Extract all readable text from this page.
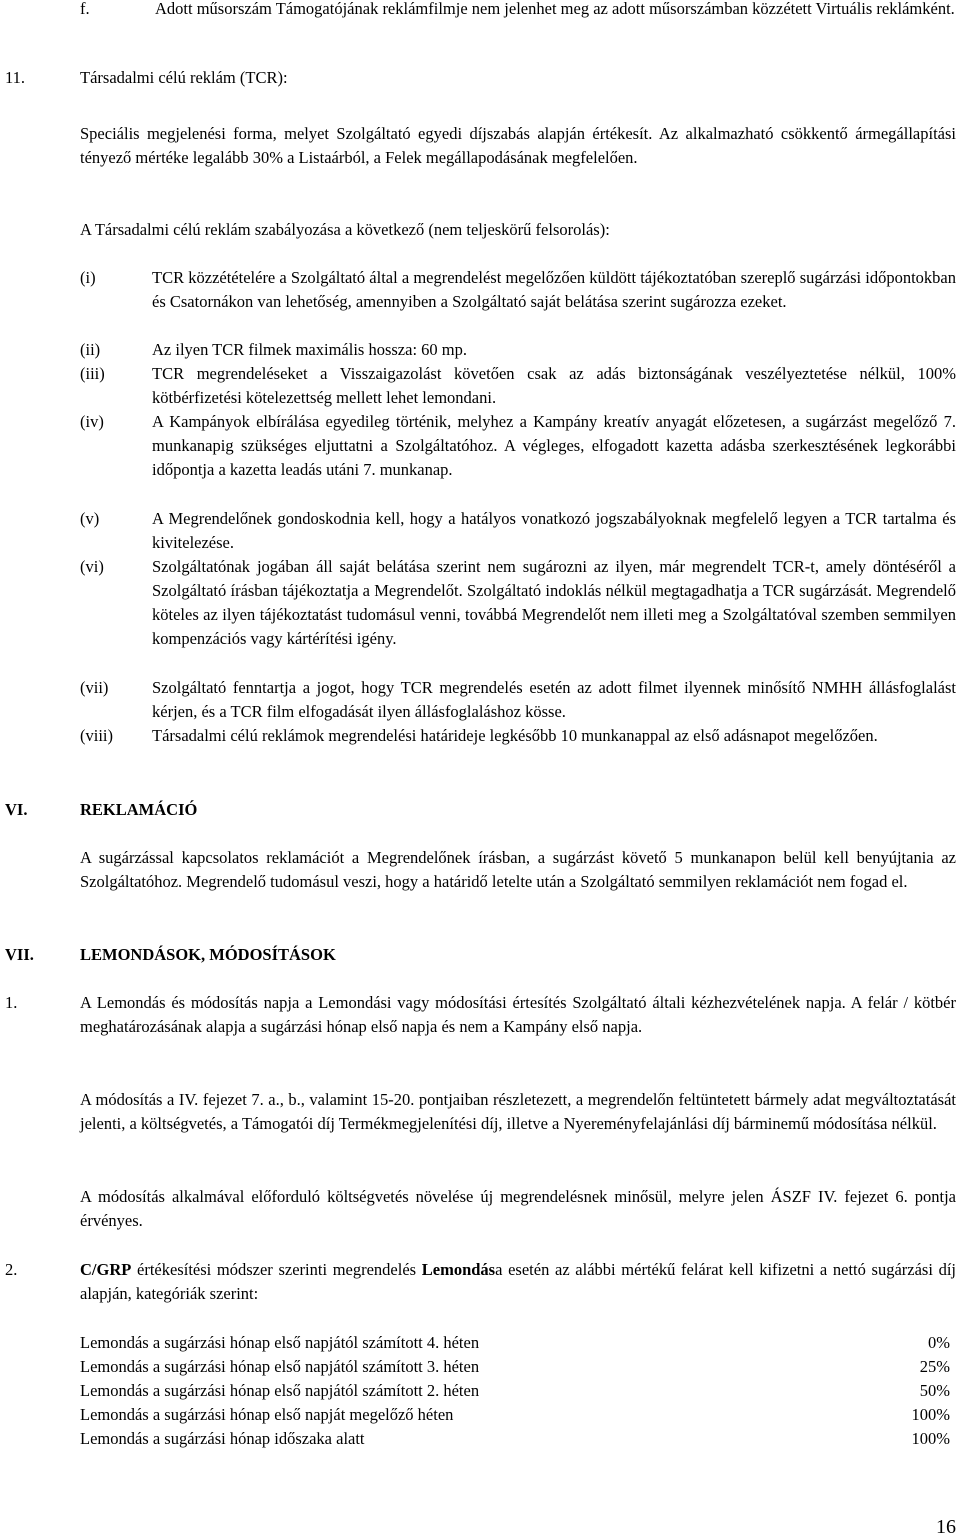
f.	Adott műsorszám Támogatójának reklámfilmje nem jelenhet meg az adott műsorszámban közzétett Virtuális reklámként.

11.	Társadalmi célú reklám (TCR):

Speciális megjelenési forma, melyet Szolgáltató egyedi díjszabás alapján értékesít. Az alkalmazható csökkentő ármegállapítási tényező mértéke legalább 30% a Listaárból, a Felek megállapodásának megfelelően.

A Társadalmi célú reklám szabályozása a következő (nem teljeskörű felsorolás):

(i)	TCR közzétételére a Szolgáltató által a megrendelést megelőzően küldött tájékoztatóban szereplő sugárzási időpontokban és Csatornákon van lehetőség, amennyiben a Szolgáltató saját belátása szerint sugározza ezeket.
(ii)	Az ilyen TCR filmek maximális hossza: 60 mp.
(iii)	TCR megrendeléseket a Visszaigazolást követően csak az adás biztonságának veszélyeztetése nélkül, 100% kötbérfizetési kötelezettség mellett lehet lemondani.
(iv)	A Kampányok elbírálása egyedileg történik, melyhez a Kampány kreatív anyagát előzetesen, a sugárzást megelőző 7. munkanapig szükséges eljuttatni a Szolgáltatóhoz. A végleges, elfogadott kazetta adásba szerkesztésének legkorábbi időpontja a kazetta leadás utáni 7. munkanap.
(v)	A Megrendelőnek gondoskodnia kell, hogy a hatályos vonatkozó jogszabályoknak megfelelő legyen a TCR tartalma és kivitelezése.
(vi)	Szolgáltatónak jogában áll saját belátása szerint nem sugározni az ilyen, már megrendelt TCR-t, amely döntéséről a Szolgáltató írásban tájékoztatja a Megrendelőt. Szolgáltató indoklás nélkül megtagadhatja a TCR sugárzását. Megrendelő köteles az ilyen tájékoztatást tudomásul venni, továbbá Megrendelőt nem illeti meg a Szolgáltatóval szemben semmilyen kompenzációs vagy kártérítési igény.
(vii)	Szolgáltató fenntartja a jogot, hogy TCR megrendelés esetén az adott filmet ilyennek minősítő NMHH állásfoglalást kérjen, és a TCR film elfogadását ilyen állásfoglaláshoz kösse.
(viii) Társadalmi célú reklámok megrendelési határideje legkésőbb 10 munkanappal az első adásnapot megelőzően.
VI.	REKLAMÁCIÓ

A sugárzással kapcsolatos reklamációt a Megrendelőnek írásban, a sugárzást követő 5 munkanapon belül kell benyújtania az Szolgáltatóhoz. Megrendelő tudomásul veszi, hogy a határidő letelte után a Szolgáltató semmilyen reklamációt nem fogad el.

VII.	LEMONDÁSOK, MÓDOSÍTÁSOK
1.	A Lemondás és módosítás napja a Lemondási vagy módosítási értesítés Szolgáltató általi kézhezvételének napja. A felár / kötbér meghatározásának alapja a sugárzási hónap első napja és nem a Kampány első napja.

A módosítás a IV. fejezet 7. a., b., valamint 15-20. pontjaiban részletezett, a megrendelőn feltüntetett bármely adat megváltoztatását jelenti, a költségvetés, a Támogatói díj Termékmegjelenítési díj, illetve a Nyereményfelajánlási díj bárminemű módosítása nélkül.

A módosítás alkalmával előforduló költségvetés növelése új megrendelésnek minősül, melyre jelen ÁSZF IV. fejezet 6. pontja érvényes.

2.	C/GRP értékesítési módszer szerinti megrendelés Lemondása esetén az alábbi mértékű felárat kell kifizetni a nettó sugárzási díj alapján, kategóriák szerint:

Lemondás a sugárzási hónap első napjától számított 4. héten	0%
Lemondás a sugárzási hónap első napjától számított 3. héten	25%
Lemondás a sugárzási hónap első napjától számított 2. héten	50%
Lemondás a sugárzási hónap első napját megelőző héten	100%
Lemondás a sugárzási hónap időszaka alatt	100%
16
